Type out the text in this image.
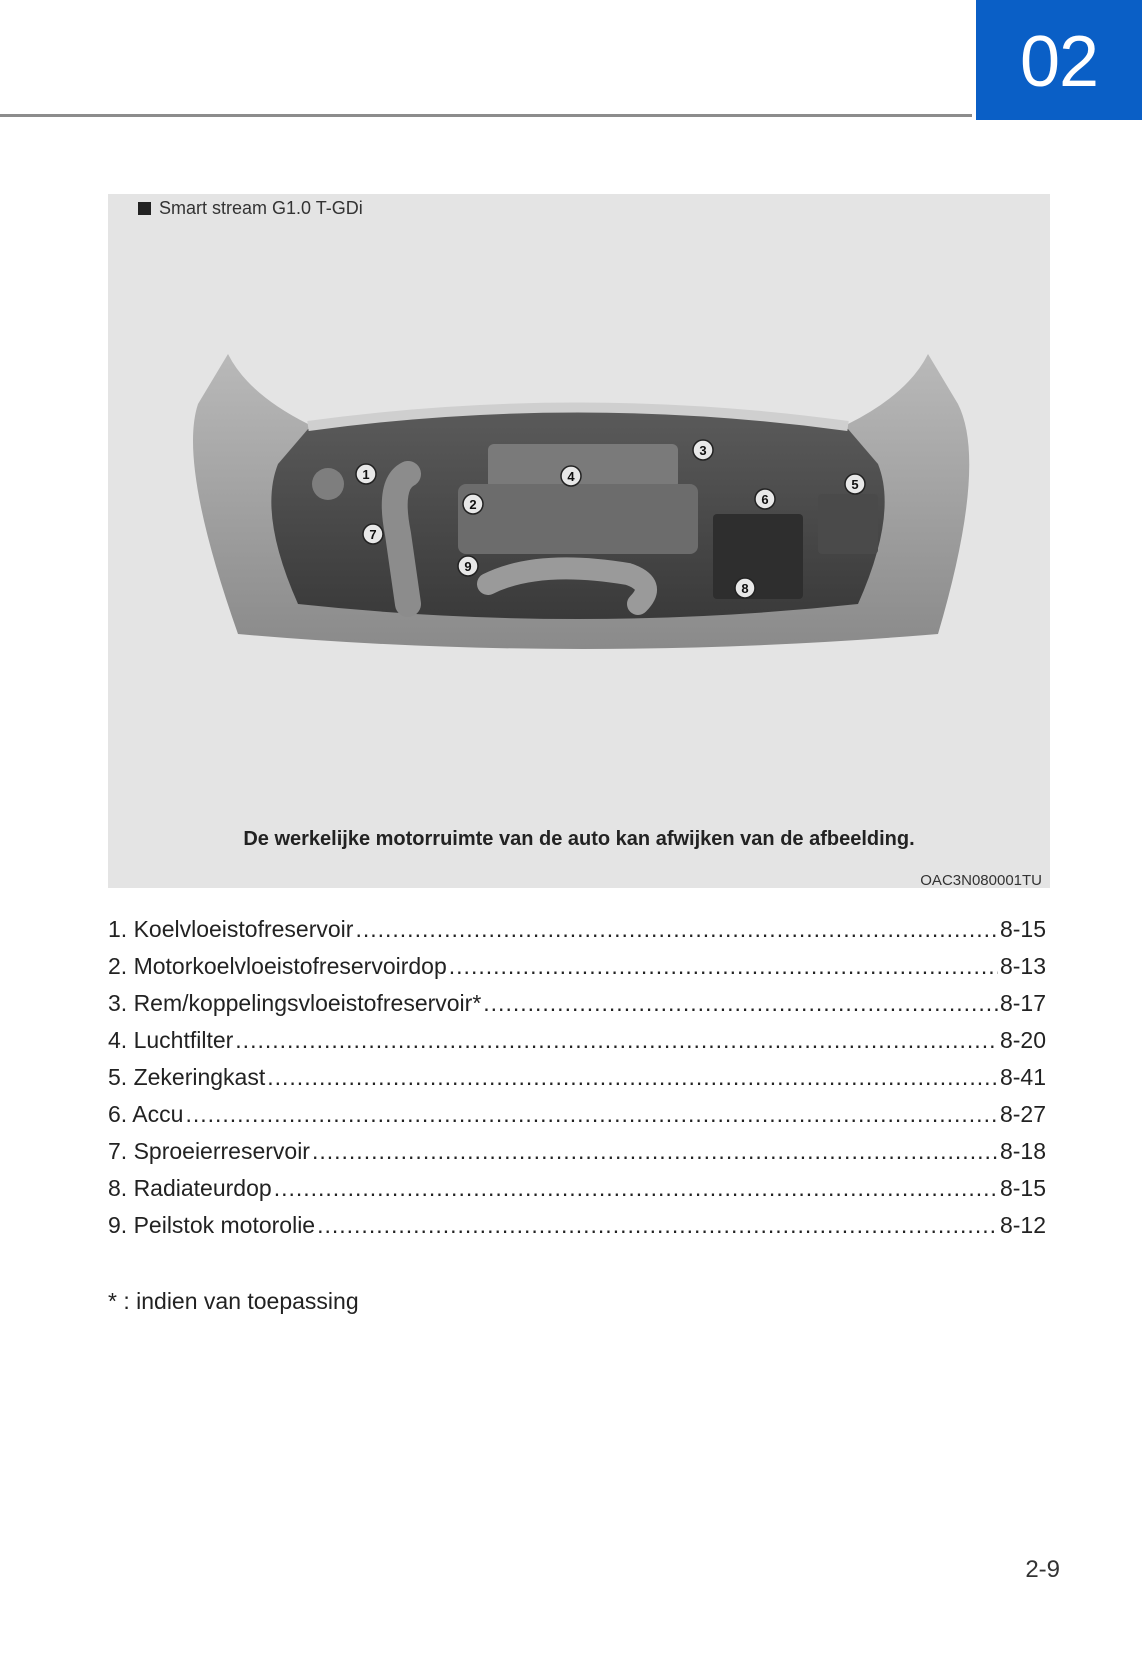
02
Smart stream G1.0 T-GDi
1
2
3
4
5
6
7
8
9
De werkelijke motorruimte van de auto kan afwijken van de afbeelding.
OAC3N080001TU
1. Koelvloeistofreservoir .....	8-15
2. Motorkoelvloeistofreservoirdop .....	8-13
3. Rem/koppelingsvloeistofreservoir* .....	8-17
4. Luchtfilter .....	8-20
5. Zekeringkast .....	8-41
6. Accu .....	8-27
7. Sproeierreservoir .....	8-18
8. Radiateurdop .....	8-15
9. Peilstok motorolie .....	8-12
* : indien van toepassing
2-9
